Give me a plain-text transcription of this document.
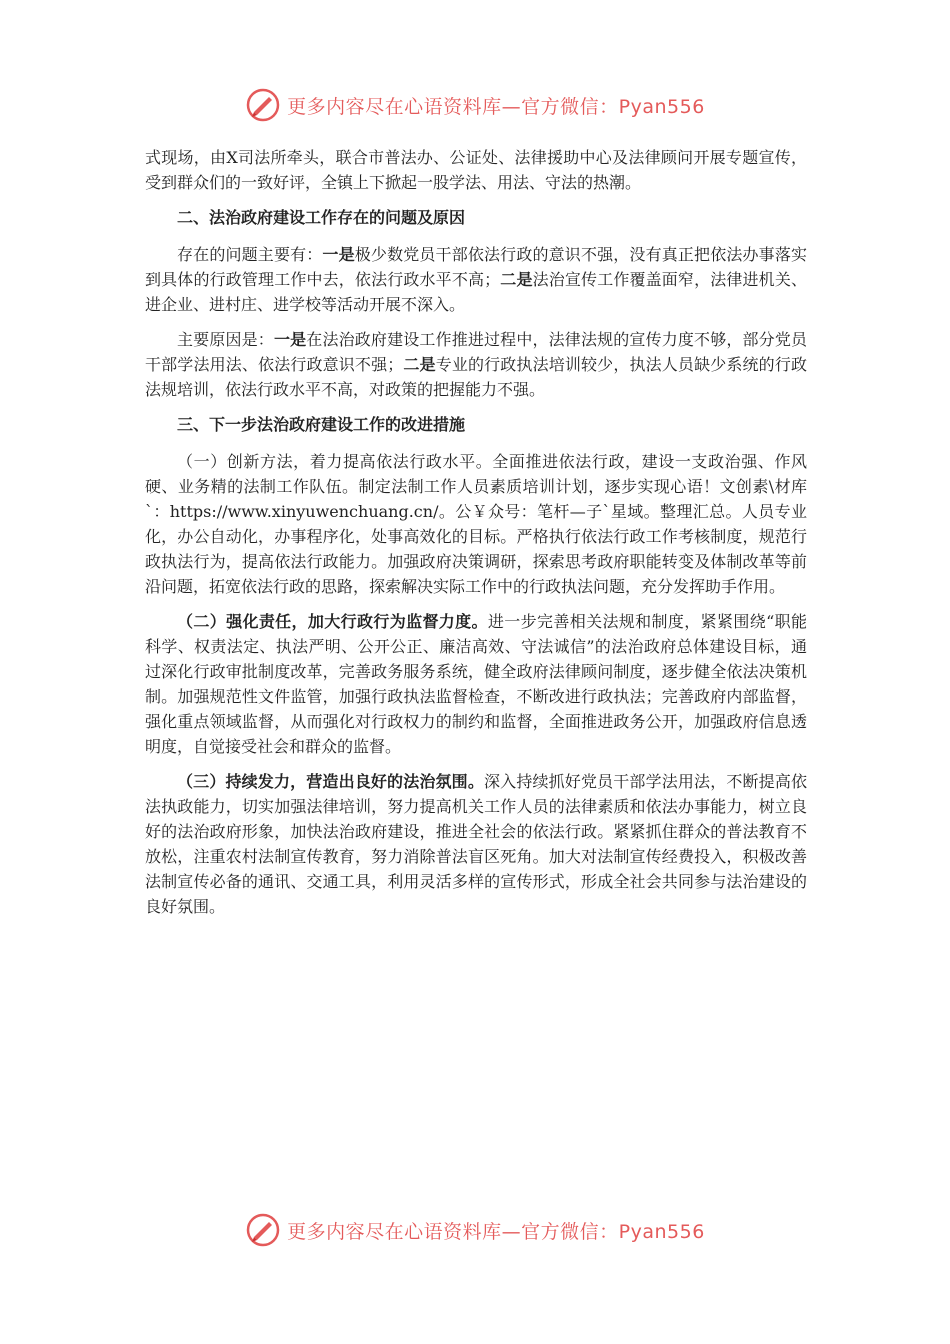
更多内容尽在心语资料库—官方微信：Pyan556

式现场，由X司法所牵头，联合市普法办、公证处、法律援助中心及法律顾问开展专题宣传，受到群众们的一致好评，全镇上下掀起一股学法、用法、守法的热潮。

二、法治政府建设工作存在的问题及原因

存在的问题主要有：一是极少数党员干部依法行政的意识不强，没有真正把依法办事落实到具体的行政管理工作中去，依法行政水平不高；二是法治宣传工作覆盖面窄，法律进机关、进企业、进村庄、进学校等活动开展不深入。

主要原因是：一是在法治政府建设工作推进过程中，法律法规的宣传力度不够，部分党员干部学法用法、依法行政意识不强；二是专业的行政执法培训较少，执法人员缺少系统的行政法规培训，依法行政水平不高，对政策的把握能力不强。

三、下一步法治政府建设工作的改进措施

（一）创新方法，着力提高依法行政水平。全面推进依法行政，建设一支政治强、作风硬、业务精的法制工作队伍。制定法制工作人员素质培训计划，逐步实现心语！文创素\材库`：https://www.xinyuwenchuang.cn/。公￥众号：笔杆—子`星域。整理汇总。人员专业化，办公自动化，办事程序化，处事高效化的目标。严格执行依法行政工作考核制度，规范行政执法行为，提高依法行政能力。加强政府决策调研，探索思考政府职能转变及体制改革等前沿问题，拓宽依法行政的思路，探索解决实际工作中的行政执法问题，充分发挥助手作用。

（二）强化责任，加大行政行为监督力度。进一步完善相关法规和制度，紧紧围绕“职能科学、权责法定、执法严明、公开公正、廉洁高效、守法诚信”的法治政府总体建设目标，通过深化行政审批制度改革，完善政务服务系统，健全政府法律顾问制度，逐步健全依法决策机制。加强规范性文件监管，加强行政执法监督检查，不断改进行政执法；完善政府内部监督，强化重点领域监督，从而强化对行政权力的制约和监督，全面推进政务公开，加强政府信息透明度，自觉接受社会和群众的监督。

（三）持续发力，营造出良好的法治氛围。深入持续抓好党员干部学法用法，不断提高依法执政能力，切实加强法律培训，努力提高机关工作人员的法律素质和依法办事能力，树立良好的法治政府形象，加快法治政府建设，推进全社会的依法行政。紧紧抓住群众的普法教育不放松，注重农村法制宣传教育，努力消除普法盲区死角。加大对法制宣传经费投入，积极改善法制宣传必备的通讯、交通工具，利用灵活多样的宣传形式，形成全社会共同参与法治建设的良好氛围。

更多内容尽在心语资料库—官方微信：Pyan556
